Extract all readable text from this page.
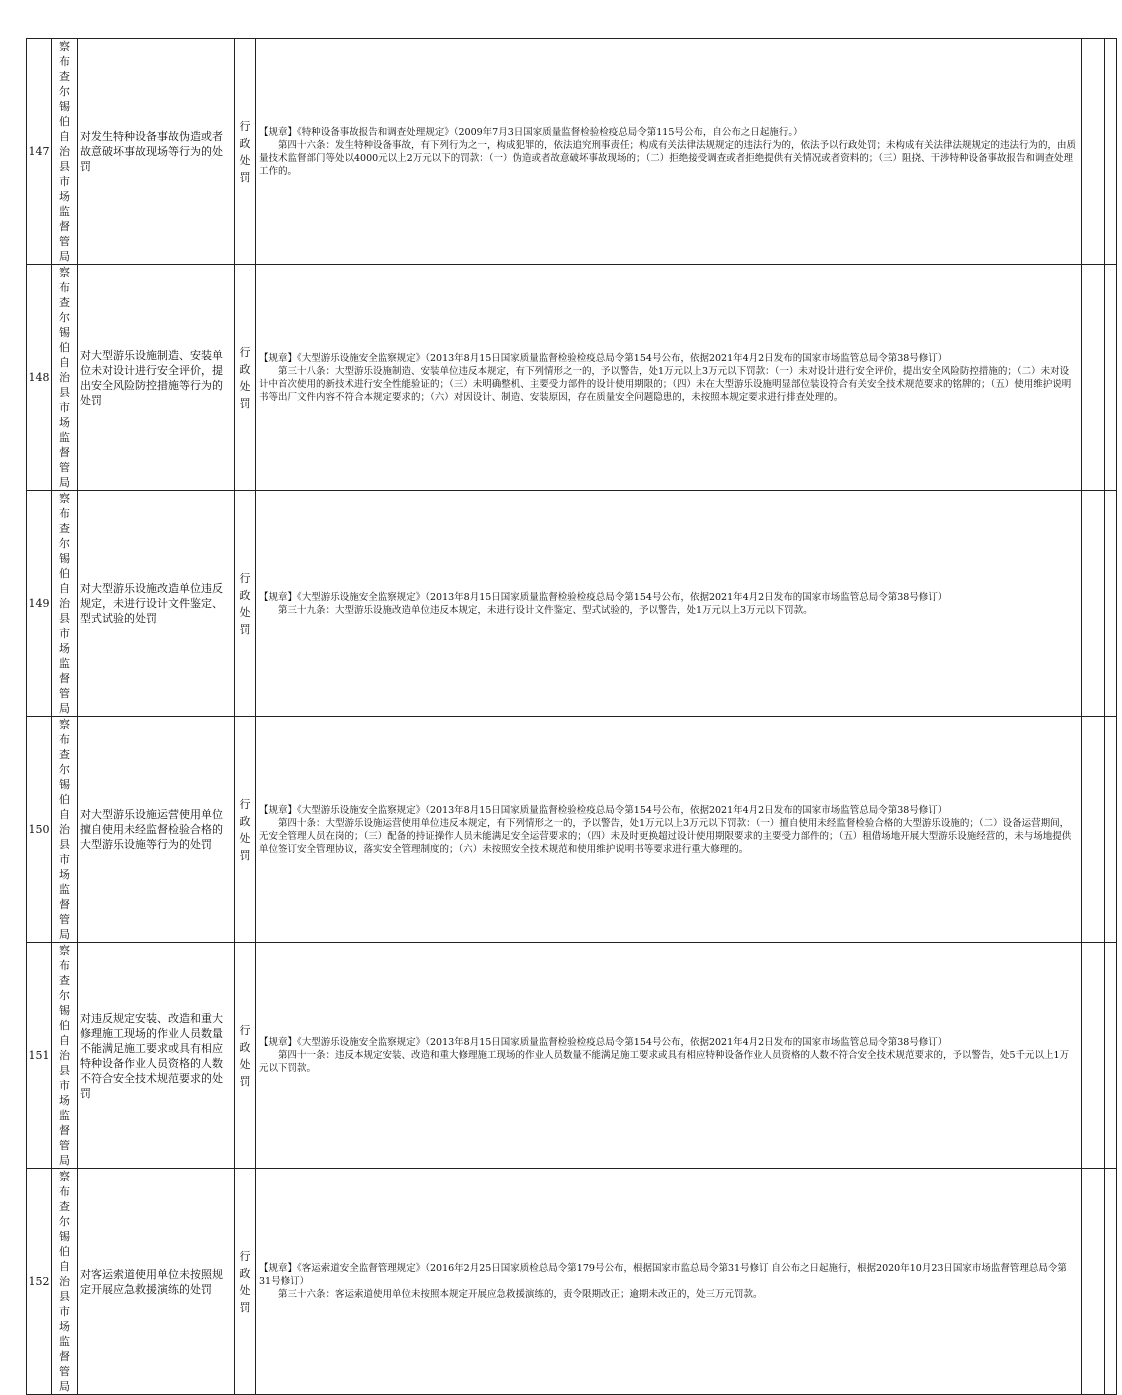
147	察布查尔锡伯自治县市场监督管局	对发生特种设备事故伪造或者故意破坏事故现场等行为的处罚	行政处罚	【规章】《特种设备事故报告和调查处理规定》（2009年7月3日国家质量监督检验检疫总局令第115号公布，自公布之日起施行。）
第四十六条：发生特种设备事故，有下列行为之一，构成犯罪的，依法追究刑事责任；构成有关法律法规规定的违法行为的，依法予以行政处罚；未构成有关法律法规规定的违法行为的，由质量技术监督部门等处以4000元以上2万元以下的罚款：（一）伪造或者故意破坏事故现场的；（二）拒绝接受调查或者拒绝提供有关情况或者资料的；（三）阻挠、干涉特种设备事故报告和调查处理工作的。		

148	察布查尔锡伯自治县市场监督管局	对大型游乐设施制造、安装单位未对设计进行安全评价，提出安全风险防控措施等行为的处罚	行政处罚	【规章】《大型游乐设施安全监察规定》（2013年8月15日国家质量监督检验检疫总局令第154号公布，依据2021年4月2日发布的国家市场监管总局令第38号修订）
第三十八条：大型游乐设施制造、安装单位违反本规定，有下列情形之一的，予以警告，处1万元以上3万元以下罚款：（一）未对设计进行安全评价，提出安全风险防控措施的；（二）未对设计中首次使用的新技术进行安全性能验证的；（三）未明确整机、主要受力部件的设计使用期限的；（四）未在大型游乐设施明显部位装设符合有关安全技术规范要求的铭牌的；（五）使用维护说明书等出厂文件内容不符合本规定要求的；（六）对因设计、制造、安装原因，存在质量安全问题隐患的，未按照本规定要求进行排查处理的。		

149	察布查尔锡伯自治县市场监督管局	对大型游乐设施改造单位违反规定，未进行设计文件鉴定、型式试验的处罚	行政处罚	【规章】《大型游乐设施安全监察规定》（2013年8月15日国家质量监督检验检疫总局令第154号公布，依据2021年4月2日发布的国家市场监管总局令第38号修订）
第三十九条：大型游乐设施改造单位违反本规定，未进行设计文件鉴定、型式试验的，予以警告，处1万元以上3万元以下罚款。		

150	察布查尔锡伯自治县市场监督管局	对大型游乐设施运营使用单位擅自使用未经监督检验合格的大型游乐设施等行为的处罚	行政处罚	【规章】《大型游乐设施安全监察规定》（2013年8月15日国家质量监督检验检疫总局令第154号公布，依据2021年4月2日发布的国家市场监管总局令第38号修订）
第四十条：大型游乐设施运营使用单位违反本规定，有下列情形之一的，予以警告，处1万元以上3万元以下罚款：（一）擅自使用未经监督检验合格的大型游乐设施的；（二）设备运营期间，无安全管理人员在岗的；（三）配备的持证操作人员未能满足安全运营要求的；（四）未及时更换超过设计使用期限要求的主要受力部件的；（五）租借场地开展大型游乐设施经营的，未与场地提供单位签订安全管理协议，落实安全管理制度的；（六）未按照安全技术规范和使用维护说明书等要求进行重大修理的。		

151	察布查尔锡伯自治县市场监督管局	对违反规定安装、改造和重大修理施工现场的作业人员数量不能满足施工要求或具有相应特种设备作业人员资格的人数不符合安全技术规范要求的处罚	行政处罚	【规章】《大型游乐设施安全监察规定》（2013年8月15日国家质量监督检验检疫总局令第154号公布，依据2021年4月2日发布的国家市场监管总局令第38号修订）
第四十一条：违反本规定安装、改造和重大修理施工现场的作业人员数量不能满足施工要求或具有相应特种设备作业人员资格的人数不符合安全技术规范要求的，予以警告，处5千元以上1万元以下罚款。		

152	察布查尔锡伯自治县市场监督管局	对客运索道使用单位未按照规定开展应急救援演练的处罚	行政处罚	【规章】《客运索道安全监督管理规定》（2016年2月25日国家质检总局令第179号公布，根据国家市监总局令第31号修订 自公布之日起施行，根据2020年10月23日国家市场监督管理总局令第31号修订）
第三十六条：客运索道使用单位未按照本规定开展应急救援演练的，责令限期改正；逾期未改正的，处三万元罚款。		
